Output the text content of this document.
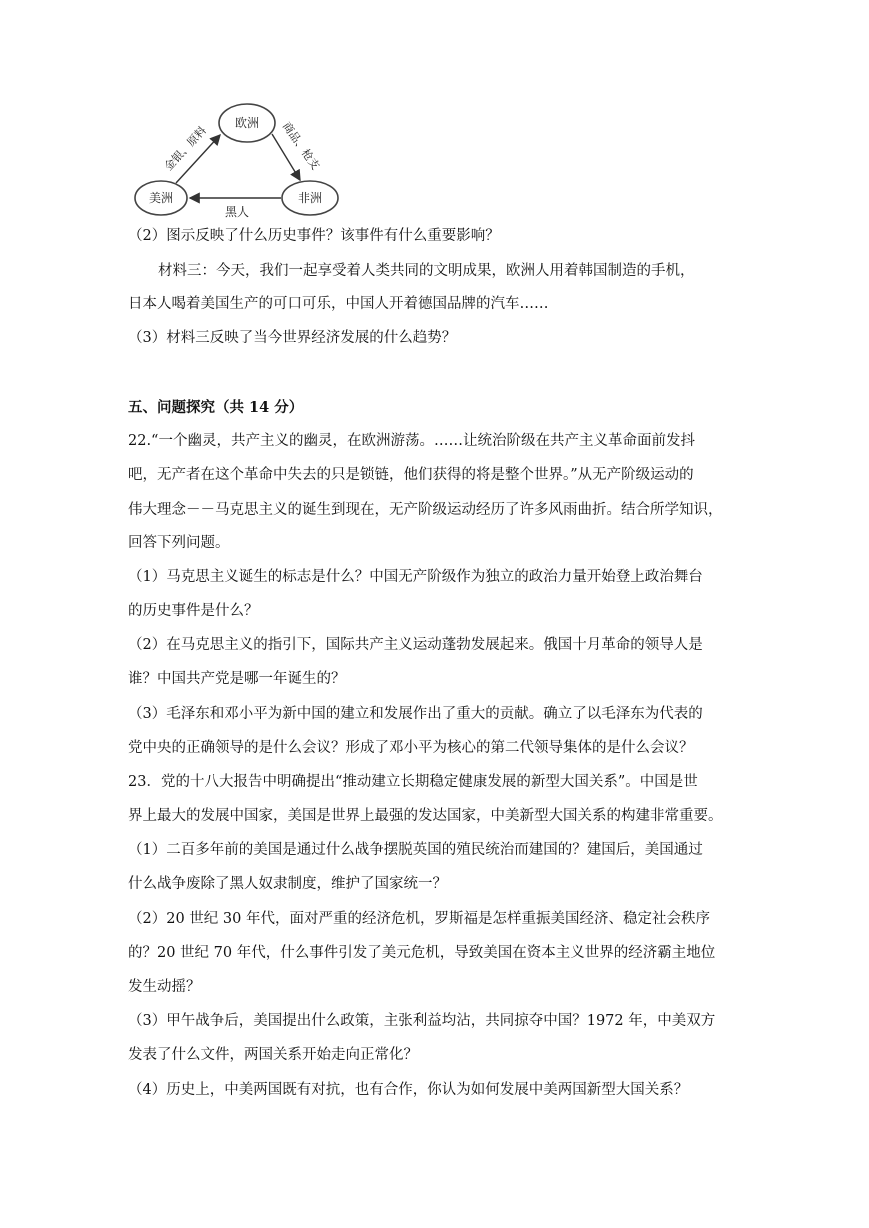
欧洲
美洲	非洲
金银、原料	商品、枪支
黑人
（2）图示反映了什么历史事件？该事件有什么重要影响？
材料三：今天，我们一起享受着人类共同的文明成果，欧洲人用着韩国制造的手机，
日本人喝着美国生产的可口可乐，中国人开着德国品牌的汽车……
（3）材料三反映了当今世界经济发展的什么趋势？
五、问题探究（共 14 分）
22.“一个幽灵，共产主义的幽灵，在欧洲游荡。……让统治阶级在共产主义革命面前发抖
吧，无产者在这个革命中失去的只是锁链，他们获得的将是整个世界。”从无产阶级运动的
伟大理念－－马克思主义的诞生到现在，无产阶级运动经历了许多风雨曲折。结合所学知识，
回答下列问题。
（1）马克思主义诞生的标志是什么？中国无产阶级作为独立的政治力量开始登上政治舞台
的历史事件是什么？
（2）在马克思主义的指引下，国际共产主义运动蓬勃发展起来。俄国十月革命的领导人是
谁？中国共产党是哪一年诞生的？
（3）毛泽东和邓小平为新中国的建立和发展作出了重大的贡献。确立了以毛泽东为代表的
党中央的正确领导的是什么会议？形成了邓小平为核心的第二代领导集体的是什么会议？
23．党的十八大报告中明确提出“推动建立长期稳定健康发展的新型大国关系”。中国是世
界上最大的发展中国家，美国是世界上最强的发达国家，中美新型大国关系的构建非常重要。
（1）二百多年前的美国是通过什么战争摆脱英国的殖民统治而建国的？建国后，美国通过
什么战争废除了黑人奴隶制度，维护了国家统一？
（2）20 世纪 30 年代，面对严重的经济危机，罗斯福是怎样重振美国经济、稳定社会秩序
的？20 世纪 70 年代，什么事件引发了美元危机，导致美国在资本主义世界的经济霸主地位
发生动摇？
（3）甲午战争后，美国提出什么政策，主张利益均沾，共同掠夺中国？1972 年，中美双方
发表了什么文件，两国关系开始走向正常化？
（4）历史上，中美两国既有对抗，也有合作，你认为如何发展中美两国新型大国关系？
